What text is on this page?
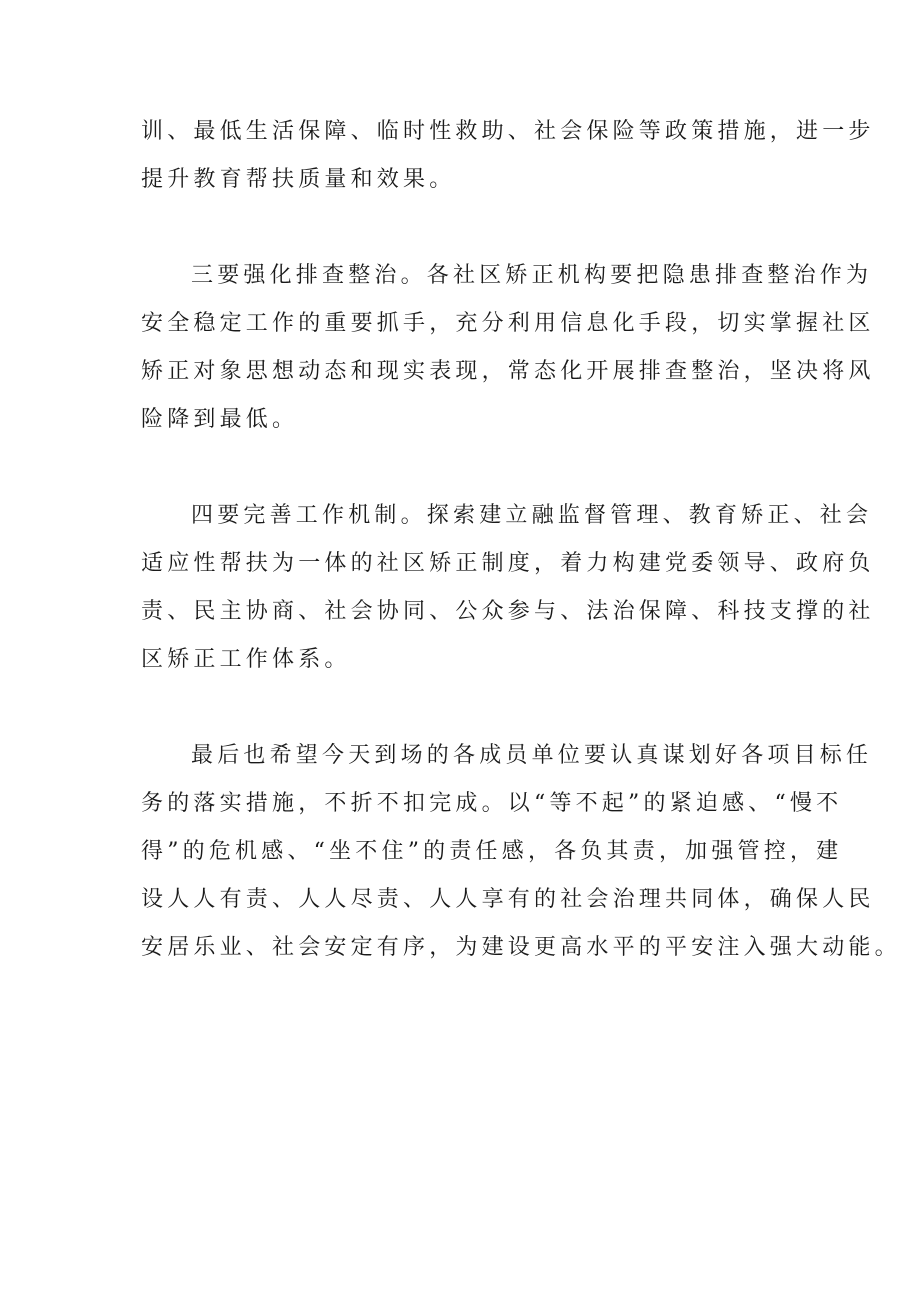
训、最低生活保障、临时性救助、社会保险等政策措施，进一步
提升教育帮扶质量和效果。
三要强化排查整治。各社区矫正机构要把隐患排查整治作为
安全稳定工作的重要抓手，充分利用信息化手段，切实掌握社区
矫正对象思想动态和现实表现，常态化开展排查整治，坚决将风
险降到最低。
四要完善工作机制。探索建立融监督管理、教育矫正、社会
适应性帮扶为一体的社区矫正制度，着力构建党委领导、政府负
责、民主协商、社会协同、公众参与、法治保障、科技支撑的社
区矫正工作体系。
最后也希望今天到场的各成员单位要认真谋划好各项目标任
务的落实措施，不折不扣完成。以“等不起”的紧迫感、“慢不
得”的危机感、“坐不住”的责任感，各负其责，加强管控，建
设人人有责、人人尽责、人人享有的社会治理共同体，确保人民
安居乐业、社会安定有序，为建设更高水平的平安注入强大动能。
